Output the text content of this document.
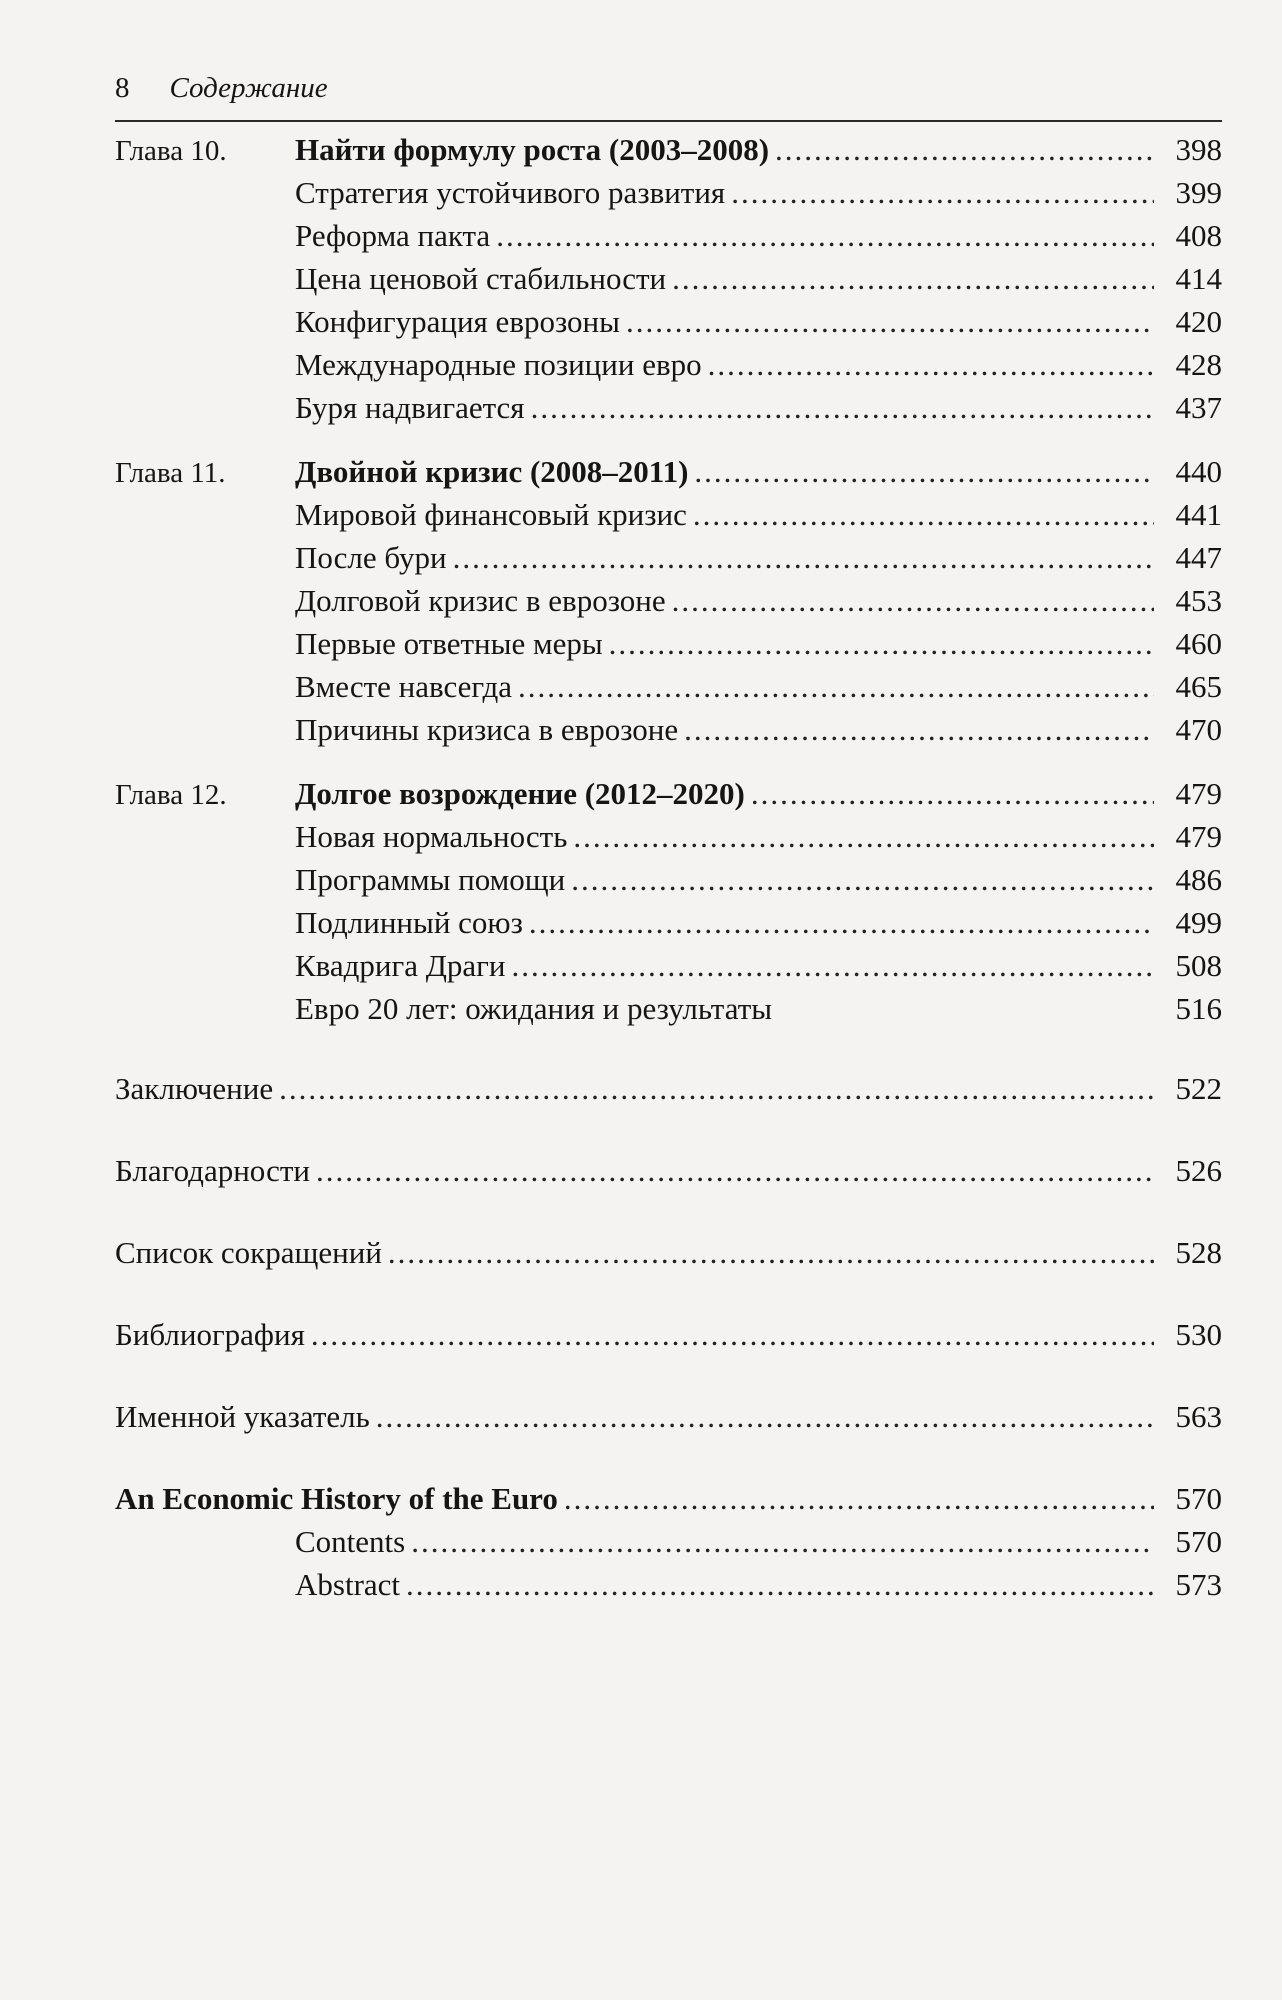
8 Содержание
Глава 10.	Найти формулу роста (2003–2008) .....	398
Стратегия устойчивого развития .....	399
Реформа пакта .....	408
Цена ценовой стабильности .....	414
Конфигурация еврозоны .....	420
Международные позиции евро .....	428
Буря надвигается .....	437
Глава 11.	Двойной кризис (2008–2011) .....	440
Мировой финансовый кризис .....	441
После бури .....	447
Долговой кризис в еврозоне .....	453
Первые ответные меры .....	460
Вместе навсегда .....	465
Причины кризиса в еврозоне .....	470
Глава 12.	Долгое возрождение (2012–2020) .....	479
Новая нормальность .....	479
Программы помощи .....	486
Подлинный союз .....	499
Квадрига Драги .....	508
Евро 20 лет: ожидания и результаты	516
Заключение .....	522
Благодарности .....	526
Список сокращений .....	528
Библиография .....	530
Именной указатель .....	563
An Economic History of the Euro .....	570
Contents .....	570
Abstract .....	573
